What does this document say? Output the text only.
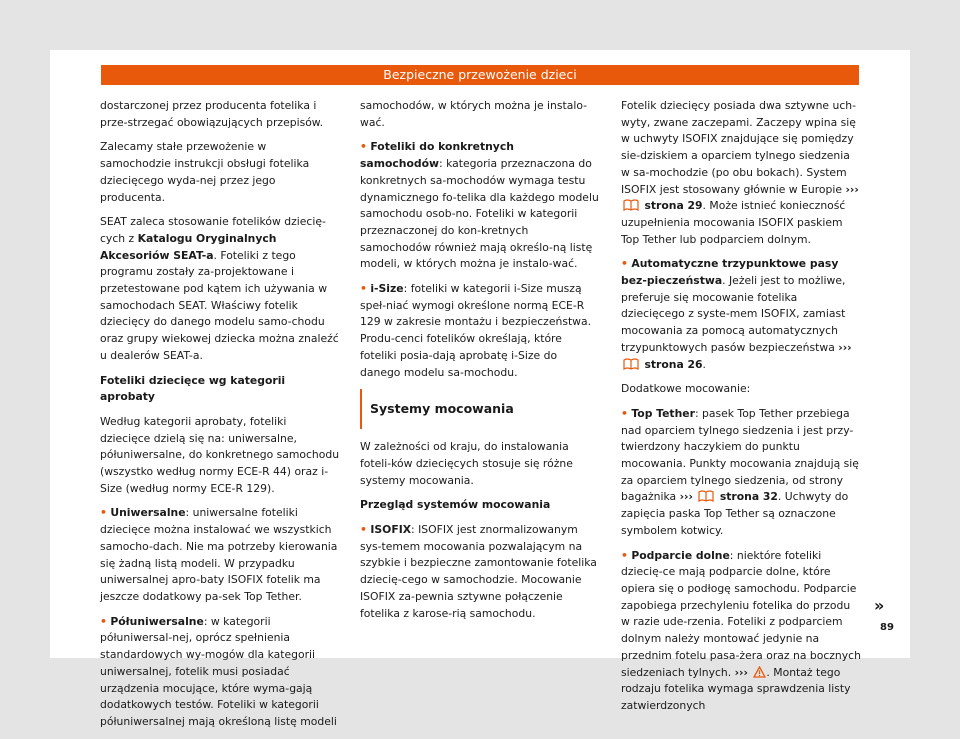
Bezpieczne przewożenie dzieci

dostarczonej przez producenta fotelika i prze-strzegać obowiązujących przepisów.

Zalecamy stałe przewożenie w samochodzie instrukcji obsługi fotelika dziecięcego wyda-nej przez jego producenta.

SEAT zaleca stosowanie fotelików dziecię-cych z Katalogu Oryginalnych Akcesoriów SEAT-a. Foteliki z tego programu zostały za-projektowane i przetestowane pod kątem ich używania w samochodach SEAT. Właściwy fotelik dziecięcy do danego modelu samo-chodu oraz grupy wiekowej dziecka można znaleźć u dealerów SEAT-a.

Foteliki dziecięce wg kategorii aprobaty

Według kategorii aprobaty, foteliki dziecięce dzielą się na: uniwersalne, półuniwersalne, do konkretnego samochodu (wszystko według normy ECE-R 44) oraz i-Size (według normy ECE-R 129).

• Uniwersalne: uniwersalne foteliki dziecięce można instalować we wszystkich samocho-dach. Nie ma potrzeby kierowania się żadną listą modeli. W przypadku uniwersalnej apro-baty ISOFIX fotelik ma jeszcze dodatkowy pa-sek Top Tether.

• Półuniwersalne: w kategorii półuniwersal-nej, oprócz spełnienia standardowych wy-mogów dla kategorii uniwersalnej, fotelik musi posiadać urządzenia mocujące, które wyma-gają dodatkowych testów. Foteliki w kategorii półuniwersalnej mają określoną listę modeli

samochodów, w których można je instalo-wać.

• Foteliki do konkretnych samochodów: kategoria przeznaczona do konkretnych sa-mochodów wymaga testu dynamicznego fo-telika dla każdego modelu samochodu osob-no. Foteliki w kategorii przeznaczonej do kon-kretnych samochodów również mają określo-ną listę modeli, w których można je instalo-wać.

• i-Size: foteliki w kategorii i-Size muszą speł-niać wymogi określone normą ECE-R 129 w zakresie montażu i bezpieczeństwa. Produ-cenci fotelików określają, które foteliki posia-dają aprobatę i-Size do danego modelu sa-mochodu.

Systemy mocowania

W zależności od kraju, do instalowania foteli-ków dziecięcych stosuje się różne systemy mocowania.

Przegląd systemów mocowania

• ISOFIX: ISOFIX jest znormalizowanym sys-temem mocowania pozwalającym na szybkie i bezpieczne zamontowanie fotelika dziecię-cego w samochodzie. Mocowanie ISOFIX za-pewnia sztywne połączenie fotelika z karose-rią samochodu.

Fotelik dziecięcy posiada dwa sztywne uch-wyty, zwane zaczepami. Zaczepy wpina się w uchwyty ISOFIX znajdujące się pomiędzy sie-dziskiem a oparciem tylnego siedzenia w sa-mochodzie (po obu bokach). System ISOFIX jest stosowany głównie w Europie ›››  strona 29. Może istnieć konieczność uzupełnienia mocowania ISOFIX paskiem Top Tether lub podparciem dolnym.

• Automatyczne trzypunktowe pasy bez-pieczeństwa. Jeżeli jest to możliwe, preferuje się mocowanie fotelika dziecięcego z syste-mem ISOFIX, zamiast mocowania za pomocą automatycznych trzypunktowych pasów bezpieczeństwa ›››  strona 26.

Dodatkowe mocowanie:

• Top Tether: pasek Top Tether przebiega nad oparciem tylnego siedzenia i jest przy-twierdzony haczykiem do punktu mocowania. Punkty mocowania znajdują się za oparciem tylnego siedzenia, od strony bagażnika ››› strona 32. Uchwyty do zapięcia paska Top Tether są oznaczone symbolem kotwicy.

• Podparcie dolne: niektóre foteliki dziecię-ce mają podparcie dolne, które opiera się o podłogę samochodu. Podparcie zapobiega przechyleniu fotelika do przodu w razie ude-rzenia. Foteliki z podparciem dolnym należy montować jedynie na przednim fotelu pasa-żera oraz na bocznych siedzeniach tylnych. ››› . Montaż tego rodzaju fotelika wymaga sprawdzenia listy zatwierdzonych

»
89
